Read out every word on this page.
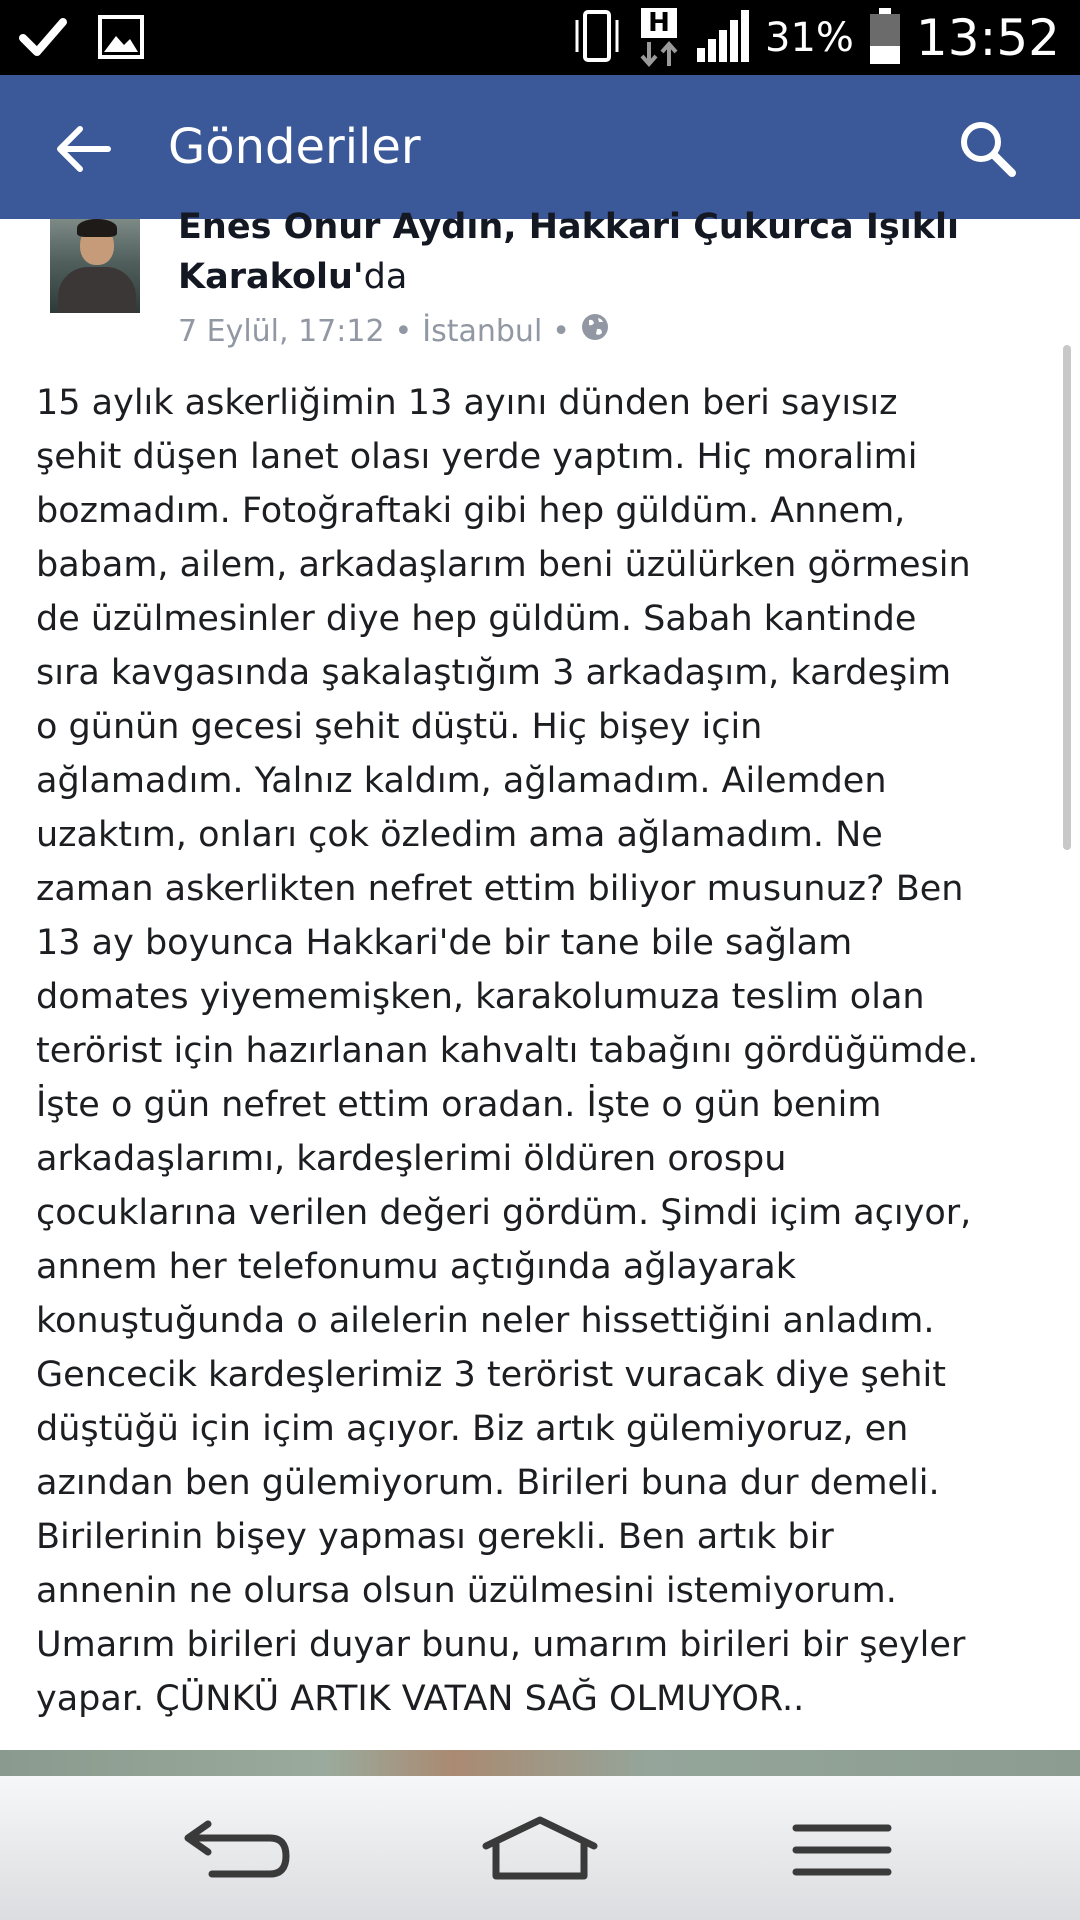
H 31% 13:52
Gönderiler
Enes Onur Aydın, Hakkari Çukurca Işıklı
Karakolu'da
7 Eylül, 17:12 • İstanbul •
15 aylık askerliğimin 13 ayını dünden beri sayısız
şehit düşen lanet olası yerde yaptım. Hiç moralimi
bozmadım. Fotoğraftaki gibi hep güldüm. Annem,
babam, ailem, arkadaşlarım beni üzülürken görmesin
de üzülmesinler diye hep güldüm. Sabah kantinde
sıra kavgasında şakalaştığım 3 arkadaşım, kardeşim
o günün gecesi şehit düştü. Hiç bişey için
ağlamadım. Yalnız kaldım, ağlamadım. Ailemden
uzaktım, onları çok özledim ama ağlamadım. Ne
zaman askerlikten nefret ettim biliyor musunuz? Ben
13 ay boyunca Hakkari'de bir tane bile sağlam
domates yiyememişken, karakolumuza teslim olan
terörist için hazırlanan kahvaltı tabağını gördüğümde.
İşte o gün nefret ettim oradan. İşte o gün benim
arkadaşlarımı, kardeşlerimi öldüren orospu
çocuklarına verilen değeri gördüm. Şimdi içim açıyor,
annem her telefonumu açtığında ağlayarak
konuştuğunda o ailelerin neler hissettiğini anladım.
Gencecik kardeşlerimiz 3 terörist vuracak diye şehit
düştüğü için içim açıyor. Biz artık gülemiyoruz, en
azından ben gülemiyorum. Birileri buna dur demeli.
Birilerinin bişey yapması gerekli. Ben artık bir
annenin ne olursa olsun üzülmesini istemiyorum.
Umarım birileri duyar bunu, umarım birileri bir şeyler
yapar. ÇÜNKÜ ARTIK VATAN SAĞ OLMUYOR..
